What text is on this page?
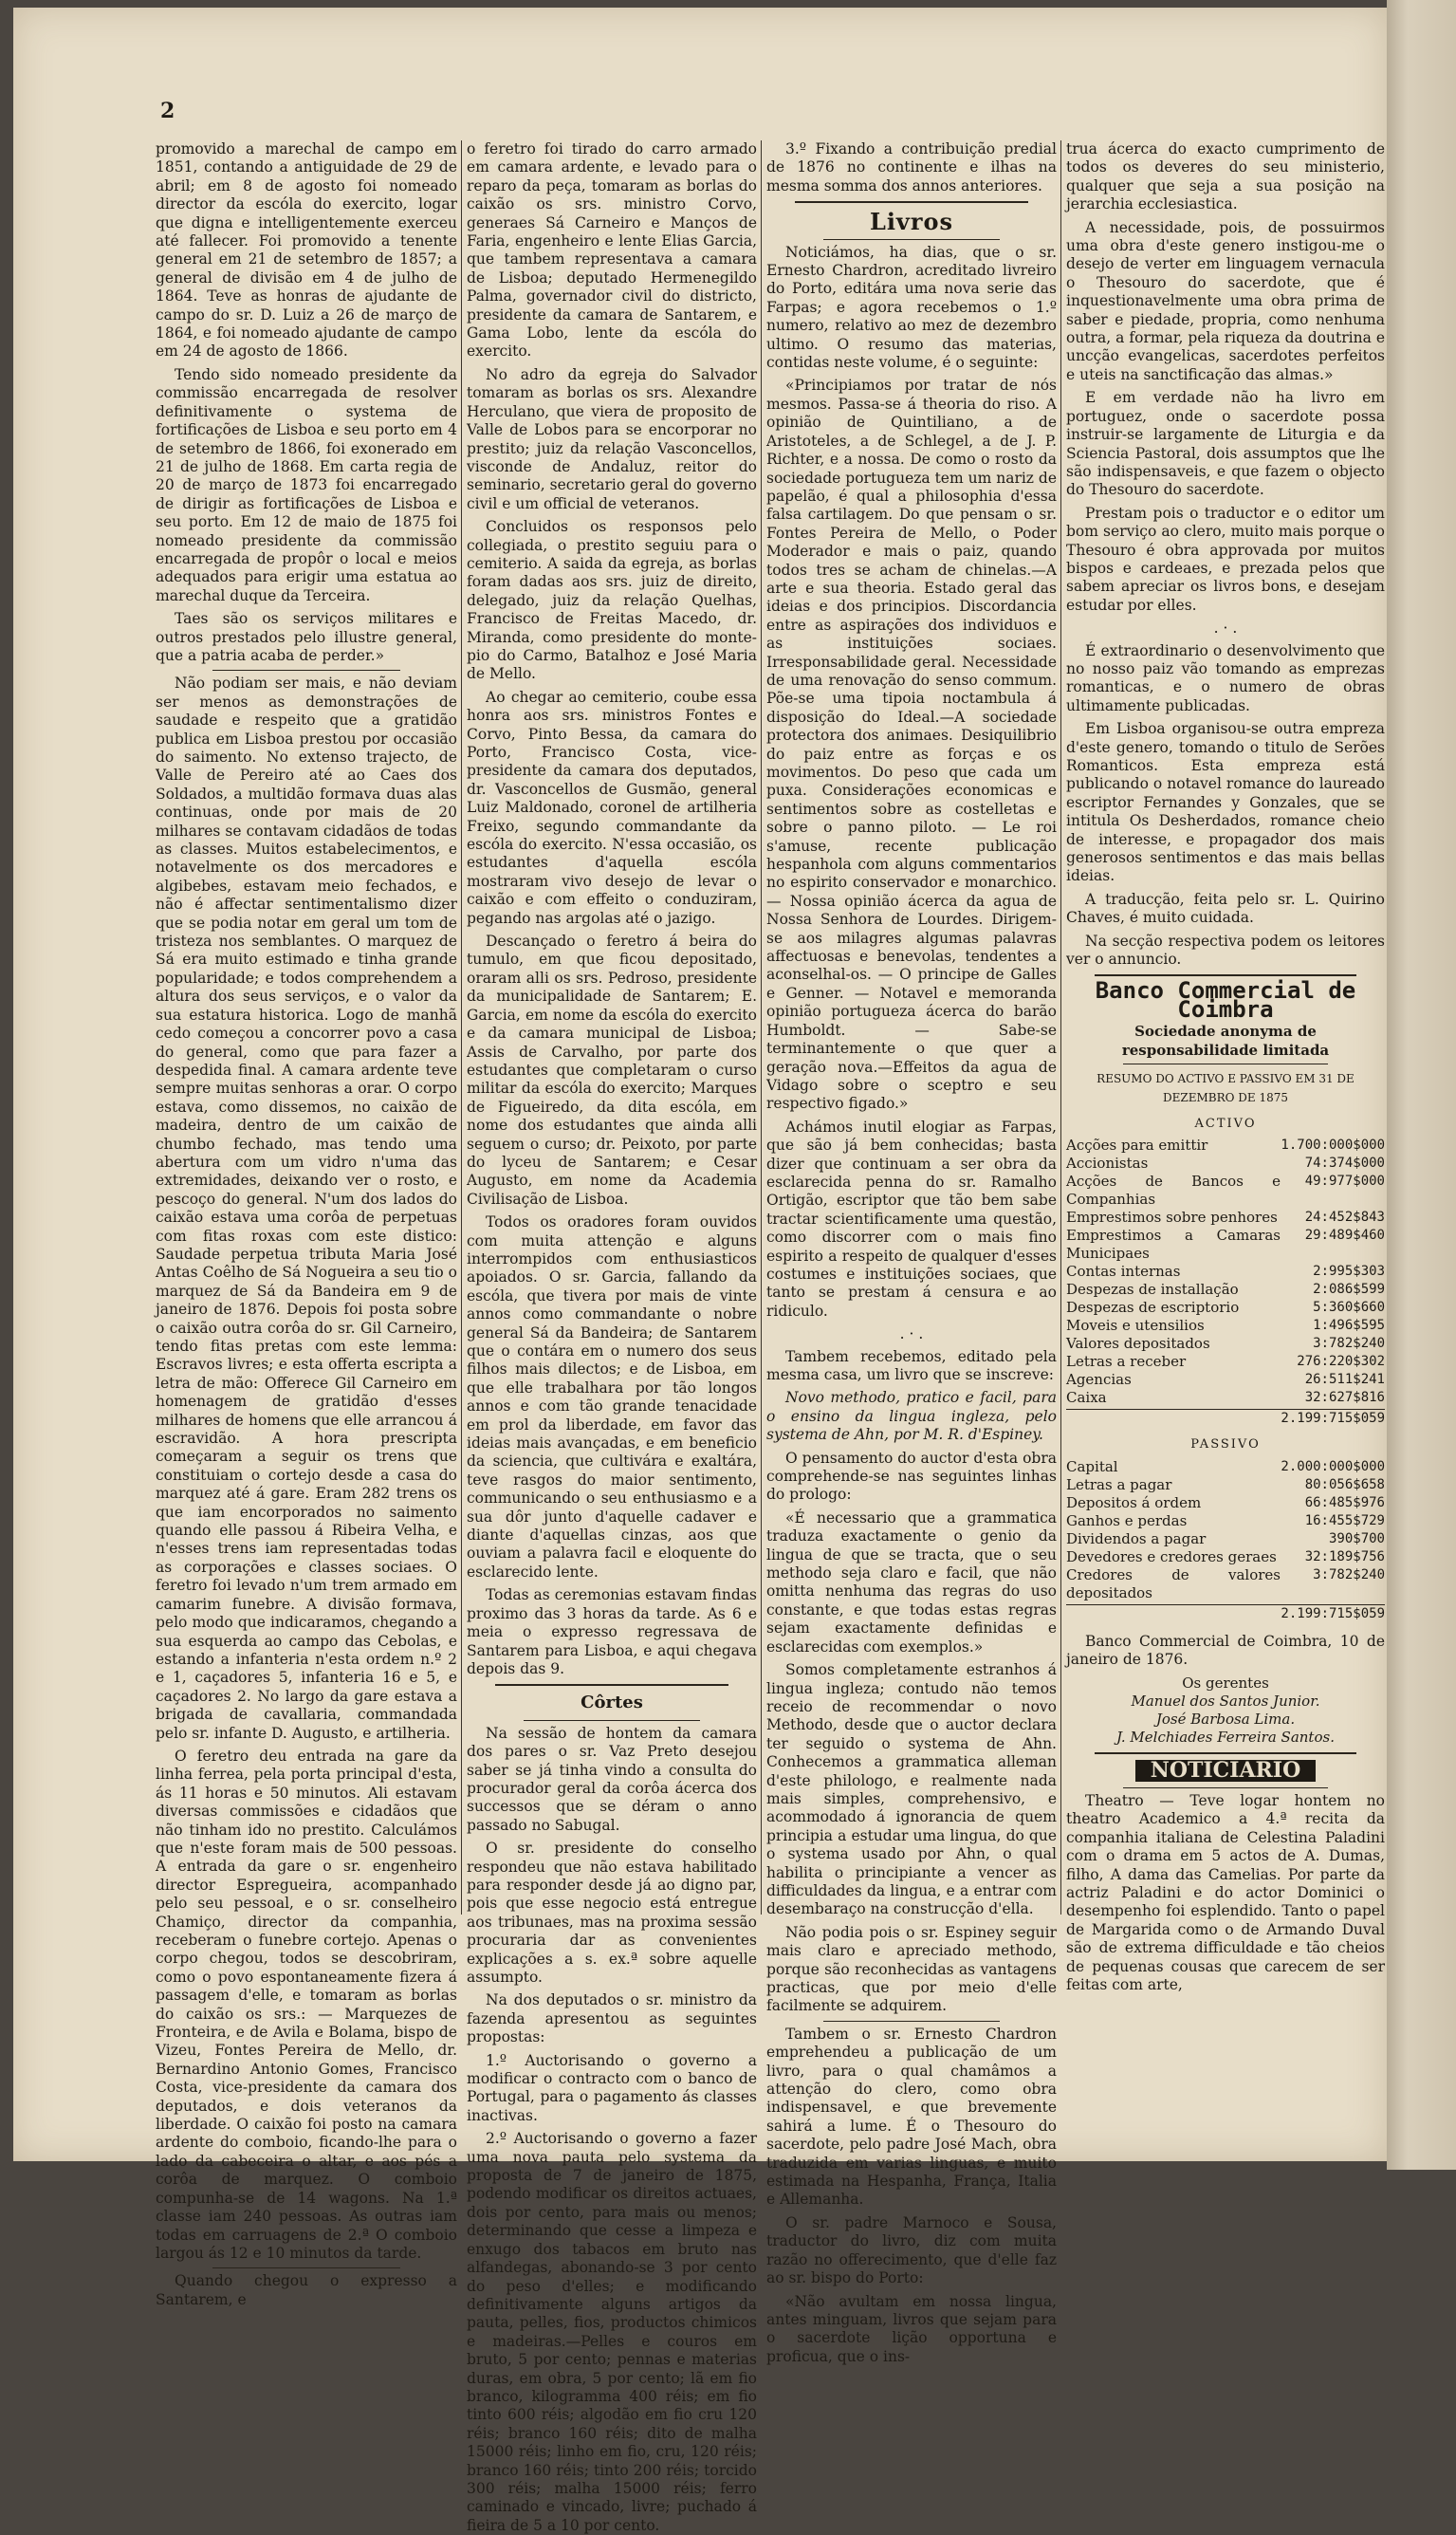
2

promovido a marechal de campo em 1851, contando a antiguidade de 29 de abril; em 8 de agosto foi nomeado director da escóla do exercito, logar que digna e intelligentemente exerceu até fallecer. Foi promovido a tenente general em 21 de setembro de 1857; a general de divisão em 4 de julho de 1864. Teve as honras de ajudante de campo do sr. D. Luiz a 26 de março de 1864, e foi nomeado ajudante de campo em 24 de agosto de 1866.

Tendo sido nomeado presidente da commissão encarregada de resolver definitivamente o systema de fortificações de Lisboa e seu porto em 4 de setembro de 1866, foi exonerado em 21 de julho de 1868. Em carta regia de 20 de março de 1873 foi encarregado de dirigir as fortificações de Lisboa e seu porto. Em 12 de maio de 1875 foi nomeado presidente da commissão encarregada de propôr o local e meios adequados para erigir uma estatua ao marechal duque da Terceira.

Taes são os serviços militares e outros prestados pelo illustre general, que a patria acaba de perder.»

Não podiam ser mais, e não deviam ser menos as demonstrações de saudade e respeito que a gratidão publica em Lisboa prestou por occasião do saimento. No extenso trajecto, de Valle de Pereiro até ao Caes dos Soldados, a multidão formava duas alas continuas, onde por mais de 20 milhares se contavam cidadãos de todas as classes. Muitos estabelecimentos, e notavelmente os dos mercadores e algibebes, estavam meio fechados, e não é affectar sentimentalismo dizer que se podia notar em geral um tom de tristeza nos semblantes. O marquez de Sá era muito estimado e tinha grande popularidade; e todos comprehendem a altura dos seus serviços, e o valor da sua estatura historica. Logo de manhã cedo começou a concorrer povo a casa do general, como que para fazer a despedida final. A camara ardente teve sempre muitas senhoras a orar. O corpo estava, como dissemos, no caixão de madeira, dentro de um caixão de chumbo fechado, mas tendo uma abertura com um vidro n'uma das extremidades, deixando ver o rosto, e pescoço do general. N'um dos lados do caixão estava uma corôa de perpetuas com fitas roxas com este distico: Saudade perpetua tributa Maria José Antas Coêlho de Sá Nogueira a seu tio o marquez de Sá da Bandeira em 9 de janeiro de 1876. Depois foi posta sobre o caixão outra corôa do sr. Gil Carneiro, tendo fitas pretas com este lemma: Escravos livres; e esta offerta escripta a letra de mão: Offerece Gil Carneiro em homenagem de gratidão d'esses milhares de homens que elle arrancou á escravidão. A hora prescripta começaram a seguir os trens que constituiam o cortejo desde a casa do marquez até á gare. Eram 282 trens os que iam encorporados no saimento quando elle passou á Ribeira Velha, e n'esses trens iam representadas todas as corporações e classes sociaes. O feretro foi levado n'um trem armado em camarim funebre. A divisão formava, pelo modo que indicaramos, chegando a sua esquerda ao campo das Cebolas, e estando a infanteria n'esta ordem n.º 2 e 1, caçadores 5, infanteria 16 e 5, e caçadores 2. No largo da gare estava a brigada de cavallaria, commandada pelo sr. infante D. Augusto, e artilheria.

O feretro deu entrada na gare da linha ferrea, pela porta principal d'esta, ás 11 horas e 50 minutos. Ali estavam diversas commissões e cidadãos que não tinham ido no prestito. Calculámos que n'este foram mais de 500 pessoas. A entrada da gare o sr. engenheiro director Espregueira, acompanhado pelo seu pessoal, e o sr. conselheiro Chamiço, director da companhia, receberam o funebre cortejo. Apenas o corpo chegou, todos se descobriram, como o povo espontaneamente fizera á passagem d'elle, e tomaram as borlas do caixão os srs.: — Marquezes de Fronteira, e de Avila e Bolama, bispo de Vizeu, Fontes Pereira de Mello, dr. Bernardino Antonio Gomes, Francisco Costa, vice-presidente da camara dos deputados, e dois veteranos da liberdade. O caixão foi posto na camara ardente do comboio, ficando-lhe para o lado da cabeceira o altar, e aos pés a corôa de marquez. O comboio compunha-se de 14 wagons. Na 1.ª classe iam 240 pessoas. As outras iam todas em carruagens de 2.ª O comboio largou ás 12 e 10 minutos da tarde.

Quando chegou o expresso a Santarem, e

o feretro foi tirado do carro armado em camara ardente, e levado para o reparo da peça, tomaram as borlas do caixão os srs. ministro Corvo, generaes Sá Carneiro e Manços de Faria, engenheiro e lente Elias Garcia, que tambem representava a camara de Lisboa; deputado Hermenegildo Palma, governador civil do districto, presidente da camara de Santarem, e Gama Lobo, lente da escóla do exercito.

No adro da egreja do Salvador tomaram as borlas os srs. Alexandre Herculano, que viera de proposito de Valle de Lobos para se encorporar no prestito; juiz da relação Vasconcellos, visconde de Andaluz, reitor do seminario, secretario geral do governo civil e um official de veteranos.

Concluidos os responsos pelo collegiada, o prestito seguiu para o cemiterio. A saida da egreja, as borlas foram dadas aos srs. juiz de direito, delegado, juiz da relação Quelhas, Francisco de Freitas Macedo, dr. Miranda, como presidente do monte-pio do Carmo, Batalhoz e José Maria de Mello.

Ao chegar ao cemiterio, coube essa honra aos srs. ministros Fontes e Corvo, Pinto Bessa, da camara do Porto, Francisco Costa, vice-presidente da camara dos deputados, dr. Vasconcellos de Gusmão, general Luiz Maldonado, coronel de artilheria Freixo, segundo commandante da escóla do exercito. N'essa occasião, os estudantes d'aquella escóla mostraram vivo desejo de levar o caixão e com effeito o conduziram, pegando nas argolas até o jazigo.

Descançado o feretro á beira do tumulo, em que ficou depositado, oraram alli os srs. Pedroso, presidente da municipalidade de Santarem; E. Garcia, em nome da escóla do exercito e da camara municipal de Lisboa; Assis de Carvalho, por parte dos estudantes que completaram o curso militar da escóla do exercito; Marques de Figueiredo, da dita escóla, em nome dos estudantes que ainda alli seguem o curso; dr. Peixoto, por parte do lyceu de Santarem; e Cesar Augusto, em nome da Academia Civilisação de Lisboa.

Todos os oradores foram ouvidos com muita attenção e alguns interrompidos com enthusiasticos apoiados. O sr. Garcia, fallando da escóla, que tivera por mais de vinte annos como commandante o nobre general Sá da Bandeira; de Santarem que o contára em o numero dos seus filhos mais dilectos; e de Lisboa, em que elle trabalhara por tão longos annos e com tão grande tenacidade em prol da liberdade, em favor das ideias mais avançadas, e em beneficio da sciencia, que cultivára e exaltára, teve rasgos do maior sentimento, communicando o seu enthusiasmo e a sua dôr junto d'aquelle cadaver e diante d'aquellas cinzas, aos que ouviam a palavra facil e eloquente do esclarecido lente.

Todas as ceremonias estavam findas proximo das 3 horas da tarde. As 6 e meia o expresso regressava de Santarem para Lisboa, e aqui chegava depois das 9.

Côrtes

Na sessão de hontem da camara dos pares o sr. Vaz Preto desejou saber se já tinha vindo a consulta do procurador geral da corôa ácerca dos successos que se déram o anno passado no Sabugal.

O sr. presidente do conselho respondeu que não estava habilitado para responder desde já ao digno par, pois que esse negocio está entregue aos tribunaes, mas na proxima sessão procuraria dar as convenientes explicações a s. ex.ª sobre aquelle assumpto.

Na dos deputados o sr. ministro da fazenda apresentou as seguintes propostas:

1.º Auctorisando o governo a modificar o contracto com o banco de Portugal, para o pagamento ás classes inactivas.

2.º Auctorisando o governo a fazer uma nova pauta pelo systema da proposta de 7 de janeiro de 1875, podendo modificar os direitos actuaes, dois por cento, para mais ou menos; determinando que cesse a limpeza e enxugo dos tabacos em bruto nas alfandegas, abonando-se 3 por cento do peso d'elles; e modificando definitivamente alguns artigos da pauta, pelles, fios, productos chimicos e madeiras.—Pelles e couros em bruto, 5 por cento; pennas e materias duras, em obra, 5 por cento; lã em fio branco, kilogramma 400 réis; em fio tinto 600 réis; algodão em fio cru 120 réis; branco 160 réis; dito de malha 15000 réis; linho em fio, cru, 120 réis; branco 160 réis; tinto 200 réis; torcido 300 réis; malha 15000 réis; ferro caminado e vincado, livre; puchado á fieira de 5 a 10 por cento.

3.º Fixando a contribuição predial de 1876 no continente e ilhas na mesma somma dos annos anteriores.

Livros

Noticiámos, ha dias, que o sr. Ernesto Chardron, acreditado livreiro do Porto, editára uma nova serie das Farpas; e agora recebemos o 1.º numero, relativo ao mez de dezembro ultimo. O resumo das materias, contidas neste volume, é o seguinte:

«Principiamos por tratar de nós mesmos. Passa-se á theoria do riso. A opinião de Quintiliano, a de Aristoteles, a de Schlegel, a de J. P. Richter, e a nossa. De como o rosto da sociedade portugueza tem um nariz de papelão, é qual a philosophia d'essa falsa cartilagem. Do que pensam o sr. Fontes Pereira de Mello, o Poder Moderador e mais o paiz, quando todos tres se acham de chinelas.—A arte e sua theoria. Estado geral das ideias e dos principios. Discordancia entre as aspirações dos individuos e as instituições sociaes. Irresponsabilidade geral. Necessidade de uma renovação do senso commum. Põe-se uma tipoia noctambula á disposição do Ideal.—A sociedade protectora dos animaes. Desiquilibrio do paiz entre as forças e os movimentos. Do peso que cada um puxa. Considerações economicas e sentimentos sobre as costelletas e sobre o panno piloto. — Le roi s'amuse, recente publicação hespanhola com alguns commentarios no espirito conservador e monarchico. — Nossa opinião ácerca da agua de Nossa Senhora de Lourdes. Dirigem-se aos milagres algumas palavras affectuosas e benevolas, tendentes a aconselhal-os. — O principe de Galles e Genner. — Notavel e memoranda opinião portugueza ácerca do barão Humboldt. — Sabe-se terminantemente o que quer a geração nova.—Effeitos da agua de Vidago sobre o sceptro e seu respectivo figado.»

Achámos inutil elogiar as Farpas, que são já bem conhecidas; basta dizer que continuam a ser obra da esclarecida penna do sr. Ramalho Ortigão, escriptor que tão bem sabe tractar scientificamente uma questão, como discorrer com o mais fino espirito a respeito de qualquer d'esses costumes e instituições sociaes, que tanto se prestam á censura e ao ridiculo.

. · .

Tambem recebemos, editado pela mesma casa, um livro que se inscreve:

Novo methodo, pratico e facil, para o ensino da lingua ingleza, pelo systema de Ahn, por M. R. d'Espiney.

O pensamento do auctor d'esta obra comprehende-se nas seguintes linhas do prologo:

«É necessario que a grammatica traduza exactamente o genio da lingua de que se tracta, que o seu methodo seja claro e facil, que não omitta nenhuma das regras do uso constante, e que todas estas regras sejam exactamente definidas e esclarecidas com exemplos.»

Somos completamente estranhos á lingua ingleza; contudo não temos receio de recommendar o novo Methodo, desde que o auctor declara ter seguido o systema de Ahn. Conhecemos a grammatica alleman d'este philologo, e realmente nada mais simples, comprehensivo, e acommodado á ignorancia de quem principia a estudar uma lingua, do que o systema usado por Ahn, o qual habilita o principiante a vencer as difficuldades da lingua, e a entrar com desembaraço na construcção d'ella.

Não podia pois o sr. Espiney seguir mais claro e apreciado methodo, porque são reconhecidas as vantagens practicas, que por meio d'elle facilmente se adquirem.

Tambem o sr. Ernesto Chardron emprehendeu a publicação de um livro, para o qual chamâmos a attenção do clero, como obra indispensavel, e que brevemente sahirá a lume. É o Thesouro do sacerdote, pelo padre José Mach, obra traduzida em varias linguas, e muito estimada na Hespanha, França, Italia e Allemanha.

O sr. padre Marnoco e Sousa, traductor do livro, diz com muita razão no offerecimento, que d'elle faz ao sr. bispo do Porto:

«Não avultam em nossa lingua, antes minguam, livros que sejam para o sacerdote lição opportuna e proficua, que o ins-

trua ácerca do exacto cumprimento de todos os deveres do seu ministerio, qualquer que seja a sua posição na jerarchia ecclesiastica.

A necessidade, pois, de possuirmos uma obra d'este genero instigou-me o desejo de verter em linguagem vernacula o Thesouro do sacerdote, que é inquestionavelmente uma obra prima de saber e piedade, propria, como nenhuma outra, a formar, pela riqueza da doutrina e uncção evangelicas, sacerdotes perfeitos e uteis na sanctificação das almas.»

E em verdade não ha livro em portuguez, onde o sacerdote possa instruir-se largamente de Liturgia e da Sciencia Pastoral, dois assumptos que lhe são indispensaveis, e que fazem o objecto do Thesouro do sacerdote.

Prestam pois o traductor e o editor um bom serviço ao clero, muito mais porque o Thesouro é obra approvada por muitos bispos e cardeaes, e prezada pelos que sabem apreciar os livros bons, e desejam estudar por elles.

. · .

É extraordinario o desenvolvimento que no nosso paiz vão tomando as emprezas romanticas, e o numero de obras ultimamente publicadas.

Em Lisboa organisou-se outra empreza d'este genero, tomando o titulo de Serões Romanticos. Esta empreza está publicando o notavel romance do laureado escriptor Fernandes y Gonzales, que se intitula Os Desherdados, romance cheio de interesse, e propagador dos mais generosos sentimentos e das mais bellas ideias.

A traducção, feita pelo sr. L. Quirino Chaves, é muito cuidada.

Na secção respectiva podem os leitores ver o annuncio.

Banco Commercial de Coimbra
Sociedade anonyma de responsabilidade limitada
RESUMO DO ACTIVO E PASSIVO EM 31 DE DEZEMBRO DE 1875
ACTIVO
Acções para emittir	1.700:000$000
Accionistas	74:374$000
Acções de Bancos e Companhias
49:977$000
Emprestimos sobre penhores	24:452$843
Emprestimos a Camaras Municipaes
29:489$460
Contas internas	2:995$303
Despezas de installação	2:086$599
Despezas de escriptorio	5:360$660
Moveis e utensilios	1:496$595
Valores depositados	3:782$240
Letras a receber	276:220$302
Agencias	26:511$241
Caixa	32:627$816
2.199:715$059
PASSIVO
Capital	2.000:000$000
Letras a pagar	80:056$658
Depositos á ordem	66:485$976
Ganhos e perdas	16:455$729
Dividendos a pagar	390$700
Devedores e credores geraes	32:189$756
Credores de valores depositados
3:782$240
2.199:715$059

Banco Commercial de Coimbra, 10 de janeiro de 1876.

Os gerentes
Manuel dos Santos Junior.
José Barbosa Lima.
J. Melchiades Ferreira Santos.
NOTICIARIO

Theatro — Teve logar hontem no theatro Academico a 4.ª recita da companhia italiana de Celestina Paladini com o drama em 5 actos de A. Dumas, filho, A dama das Camelias. Por parte da actriz Paladini e do actor Dominici o desempenho foi esplendido. Tanto o papel de Margarida como o de Armando Duval são de extrema difficuldade e tão cheios de pequenas cousas que carecem de ser feitas com arte,
